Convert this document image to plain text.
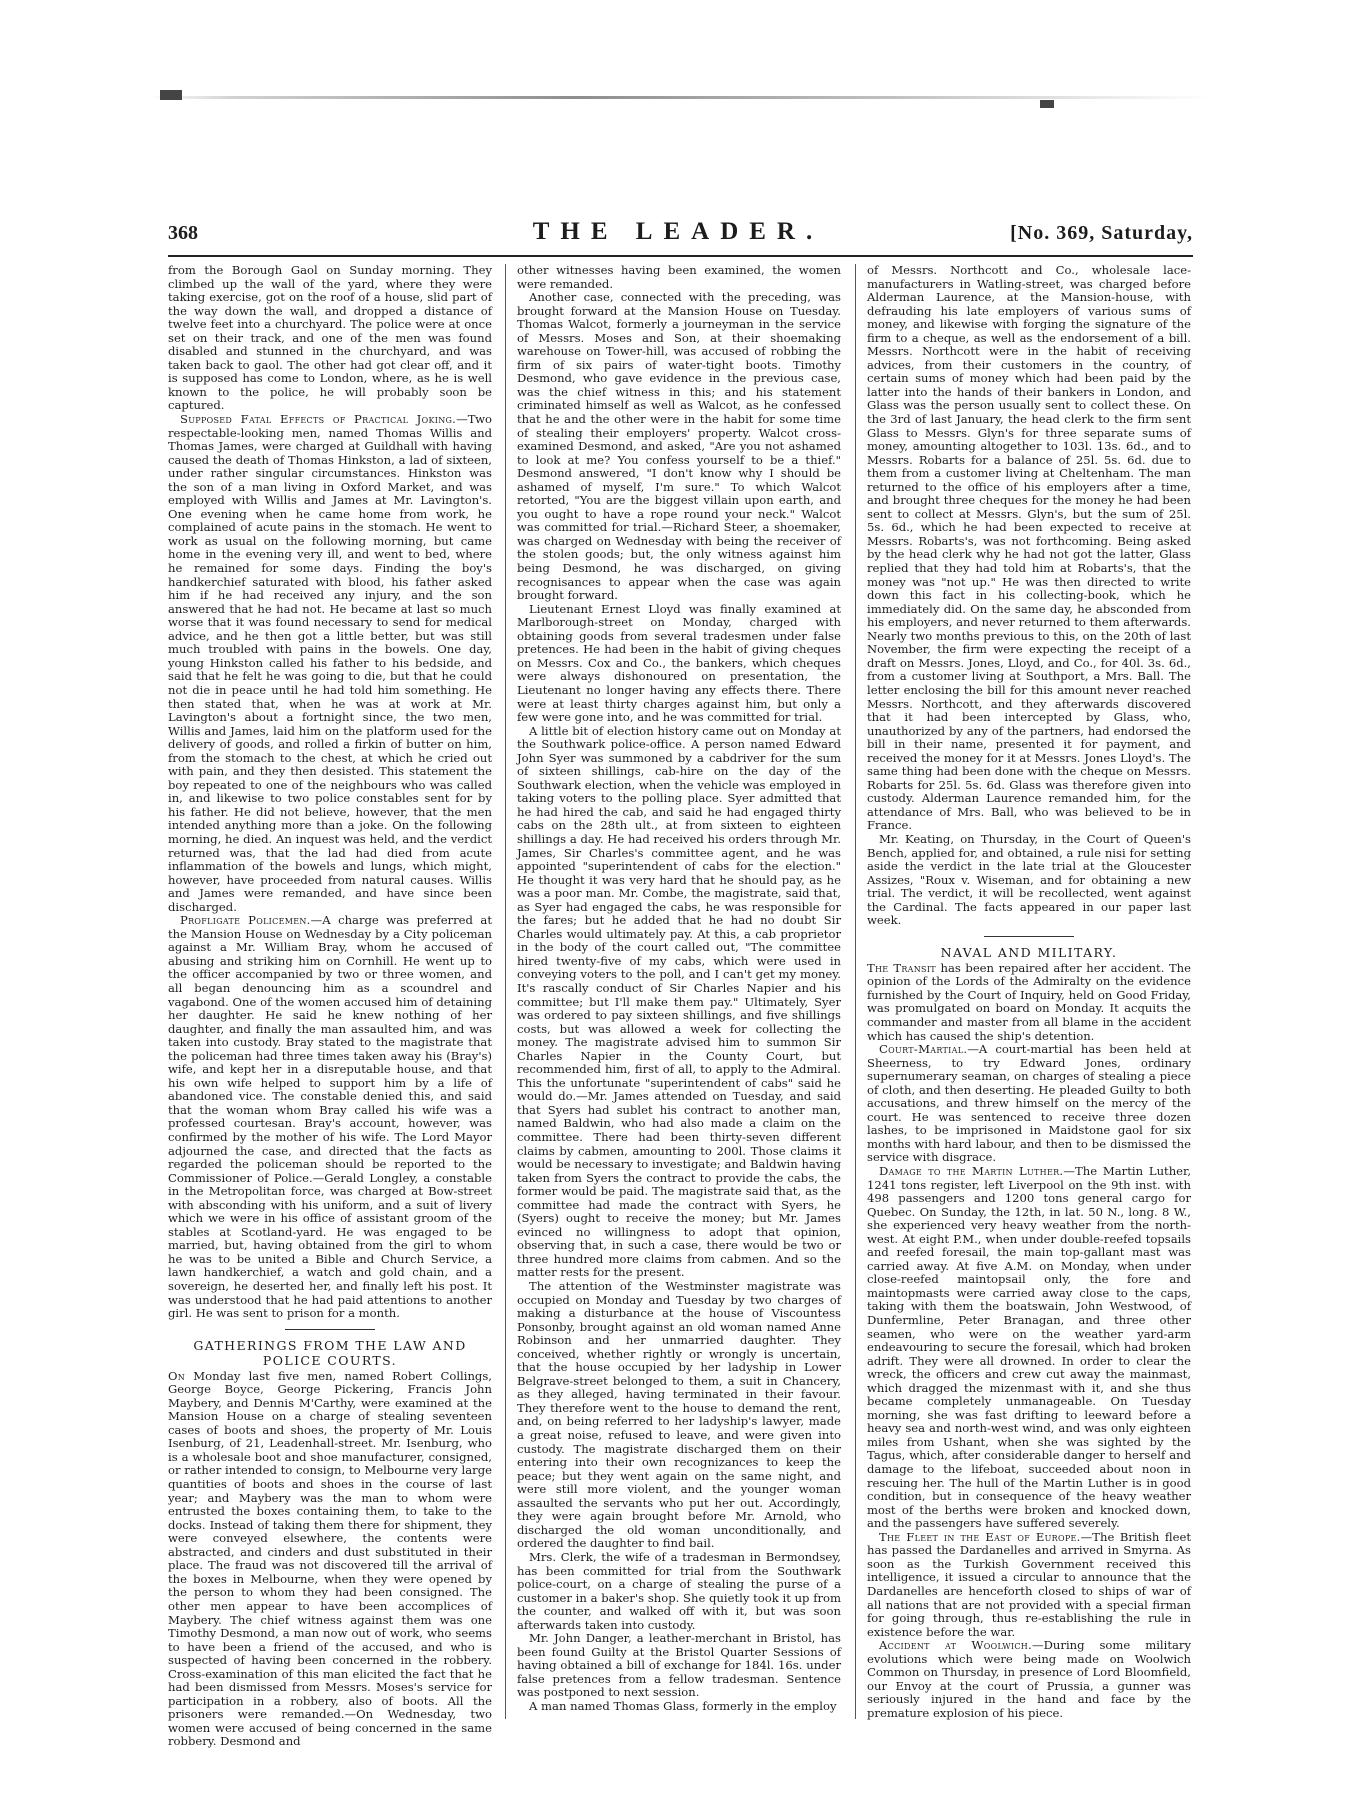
368	THE LEADER.	[No. 369, Saturday,

from the Borough Gaol on Sunday morning. They climbed up the wall of the yard, where they were taking exercise, got on the roof of a house, slid part of the way down the wall, and dropped a distance of twelve feet into a churchyard. The police were at once set on their track, and one of the men was found disabled and stunned in the churchyard, and was taken back to gaol. The other had got clear off, and it is supposed has come to London, where, as he is well known to the police, he will probably soon be captured.

Supposed Fatal Effects of Practical Joking.—Two respectable-looking men, named Thomas Willis and Thomas James, were charged at Guildhall with having caused the death of Thomas Hinkston, a lad of sixteen, under rather singular circumstances. Hinkston was the son of a man living in Oxford Market, and was employed with Willis and James at Mr. Lavington's. One evening when he came home from work, he complained of acute pains in the stomach. He went to work as usual on the following morning, but came home in the evening very ill, and went to bed, where he remained for some days. Finding the boy's handkerchief saturated with blood, his father asked him if he had received any injury, and the son answered that he had not. He became at last so much worse that it was found necessary to send for medical advice, and he then got a little better, but was still much troubled with pains in the bowels. One day, young Hinkston called his father to his bedside, and said that he felt he was going to die, but that he could not die in peace until he had told him something. He then stated that, when he was at work at Mr. Lavington's about a fortnight since, the two men, Willis and James, laid him on the platform used for the delivery of goods, and rolled a firkin of butter on him, from the stomach to the chest, at which he cried out with pain, and they then desisted. This statement the boy repeated to one of the neighbours who was called in, and likewise to two police constables sent for by his father. He did not believe, however, that the men intended anything more than a joke. On the following morning, he died. An inquest was held, and the verdict returned was, that the lad had died from acute inflammation of the bowels and lungs, which might, however, have proceeded from natural causes. Willis and James were remanded, and have since been discharged.

Profligate Policemen.—A charge was preferred at the Mansion House on Wednesday by a City policeman against a Mr. William Bray, whom he accused of abusing and striking him on Cornhill. He went up to the officer accompanied by two or three women, and all began denouncing him as a scoundrel and vagabond. One of the women accused him of detaining her daughter. He said he knew nothing of her daughter, and finally the man assaulted him, and was taken into custody. Bray stated to the magistrate that the policeman had three times taken away his (Bray's) wife, and kept her in a disreputable house, and that his own wife helped to support him by a life of abandoned vice. The constable denied this, and said that the woman whom Bray called his wife was a professed courtesan. Bray's account, however, was confirmed by the mother of his wife. The Lord Mayor adjourned the case, and directed that the facts as regarded the policeman should be reported to the Commissioner of Police.—Gerald Longley, a constable in the Metropolitan force, was charged at Bow-street with absconding with his uniform, and a suit of livery which we were in his office of assistant groom of the stables at Scotland-yard. He was engaged to be married, but, having obtained from the girl to whom he was to be united a Bible and Church Service, a lawn handkerchief, a watch and gold chain, and a sovereign, he deserted her, and finally left his post. It was understood that he had paid attentions to another girl. He was sent to prison for a month.

GATHERINGS FROM THE LAW AND POLICE COURTS.

On Monday last five men, named Robert Collings, George Boyce, George Pickering, Francis John Maybery, and Dennis M'Carthy, were examined at the Mansion House on a charge of stealing seventeen cases of boots and shoes, the property of Mr. Louis Isenburg, of 21, Leadenhall-street. Mr. Isenburg, who is a wholesale boot and shoe manufacturer, consigned, or rather intended to consign, to Melbourne very large quantities of boots and shoes in the course of last year; and Maybery was the man to whom were entrusted the boxes containing them, to take to the docks. Instead of taking them there for shipment, they were conveyed elsewhere, the contents were abstracted, and cinders and dust substituted in their place. The fraud was not discovered till the arrival of the boxes in Melbourne, when they were opened by the person to whom they had been consigned. The other men appear to have been accomplices of Maybery. The chief witness against them was one Timothy Desmond, a man now out of work, who seems to have been a friend of the accused, and who is suspected of having been concerned in the robbery. Cross-examination of this man elicited the fact that he had been dismissed from Messrs. Moses's service for participation in a robbery, also of boots. All the prisoners were remanded.—On Wednesday, two women were accused of being concerned in the same robbery. Desmond and

other witnesses having been examined, the women were remanded.

Another case, connected with the preceding, was brought forward at the Mansion House on Tuesday. Thomas Walcot, formerly a journeyman in the service of Messrs. Moses and Son, at their shoemaking warehouse on Tower-hill, was accused of robbing the firm of six pairs of water-tight boots. Timothy Desmond, who gave evidence in the previous case, was the chief witness in this; and his statement criminated himself as well as Walcot, as he confessed that he and the other were in the habit for some time of stealing their employers' property. Walcot cross-examined Desmond, and asked, "Are you not ashamed to look at me? You confess yourself to be a thief." Desmond answered, "I don't know why I should be ashamed of myself, I'm sure." To which Walcot retorted, "You are the biggest villain upon earth, and you ought to have a rope round your neck." Walcot was committed for trial.—Richard Steer, a shoemaker, was charged on Wednesday with being the receiver of the stolen goods; but, the only witness against him being Desmond, he was discharged, on giving recognisances to appear when the case was again brought forward.

Lieutenant Ernest Lloyd was finally examined at Marlborough-street on Monday, charged with obtaining goods from several tradesmen under false pretences. He had been in the habit of giving cheques on Messrs. Cox and Co., the bankers, which cheques were always dishonoured on presentation, the Lieutenant no longer having any effects there. There were at least thirty charges against him, but only a few were gone into, and he was committed for trial.

A little bit of election history came out on Monday at the Southwark police-office. A person named Edward John Syer was summoned by a cabdriver for the sum of sixteen shillings, cab-hire on the day of the Southwark election, when the vehicle was employed in taking voters to the polling place. Syer admitted that he had hired the cab, and said he had engaged thirty cabs on the 28th ult., at from sixteen to eighteen shillings a day. He had received his orders through Mr. James, Sir Charles's committee agent, and he was appointed "superintendent of cabs for the election." He thought it was very hard that he should pay, as he was a poor man. Mr. Combe, the magistrate, said that, as Syer had engaged the cabs, he was responsible for the fares; but he added that he had no doubt Sir Charles would ultimately pay. At this, a cab proprietor in the body of the court called out, "The committee hired twenty-five of my cabs, which were used in conveying voters to the poll, and I can't get my money. It's rascally conduct of Sir Charles Napier and his committee; but I'll make them pay." Ultimately, Syer was ordered to pay sixteen shillings, and five shillings costs, but was allowed a week for collecting the money. The magistrate advised him to summon Sir Charles Napier in the County Court, but recommended him, first of all, to apply to the Admiral. This the unfortunate "superintendent of cabs" said he would do.—Mr. James attended on Tuesday, and said that Syers had sublet his contract to another man, named Baldwin, who had also made a claim on the committee. There had been thirty-seven different claims by cabmen, amounting to 200l. Those claims it would be necessary to investigate; and Baldwin having taken from Syers the contract to provide the cabs, the former would be paid. The magistrate said that, as the committee had made the contract with Syers, he (Syers) ought to receive the money; but Mr. James evinced no willingness to adopt that opinion, observing that, in such a case, there would be two or three hundred more claims from cabmen. And so the matter rests for the present.

The attention of the Westminster magistrate was occupied on Monday and Tuesday by two charges of making a disturbance at the house of Viscountess Ponsonby, brought against an old woman named Anne Robinson and her unmarried daughter. They conceived, whether rightly or wrongly is uncertain, that the house occupied by her ladyship in Lower Belgrave-street belonged to them, a suit in Chancery, as they alleged, having terminated in their favour. They therefore went to the house to demand the rent, and, on being referred to her ladyship's lawyer, made a great noise, refused to leave, and were given into custody. The magistrate discharged them on their entering into their own recognizances to keep the peace; but they went again on the same night, and were still more violent, and the younger woman assaulted the servants who put her out. Accordingly, they were again brought before Mr. Arnold, who discharged the old woman unconditionally, and ordered the daughter to find bail.

Mrs. Clerk, the wife of a tradesman in Bermondsey, has been committed for trial from the Southwark police-court, on a charge of stealing the purse of a customer in a baker's shop. She quietly took it up from the counter, and walked off with it, but was soon afterwards taken into custody.

Mr. John Danger, a leather-merchant in Bristol, has been found Guilty at the Bristol Quarter Sessions of having obtained a bill of exchange for 184l. 16s. under false pretences from a fellow tradesman. Sentence was postponed to next session.

A man named Thomas Glass, formerly in the employ

of Messrs. Northcott and Co., wholesale lace-manufacturers in Watling-street, was charged before Alderman Laurence, at the Mansion-house, with defrauding his late employers of various sums of money, and likewise with forging the signature of the firm to a cheque, as well as the endorsement of a bill. Messrs. Northcott were in the habit of receiving advices, from their customers in the country, of certain sums of money which had been paid by the latter into the hands of their bankers in London, and Glass was the person usually sent to collect these. On the 3rd of last January, the head clerk to the firm sent Glass to Messrs. Glyn's for three separate sums of money, amounting altogether to 103l. 13s. 6d., and to Messrs. Robarts for a balance of 25l. 5s. 6d. due to them from a customer living at Cheltenham. The man returned to the office of his employers after a time, and brought three cheques for the money he had been sent to collect at Messrs. Glyn's, but the sum of 25l. 5s. 6d., which he had been expected to receive at Messrs. Robarts's, was not forthcoming. Being asked by the head clerk why he had not got the latter, Glass replied that they had told him at Robarts's, that the money was "not up." He was then directed to write down this fact in his collecting-book, which he immediately did. On the same day, he absconded from his employers, and never returned to them afterwards. Nearly two months previous to this, on the 20th of last November, the firm were expecting the receipt of a draft on Messrs. Jones, Lloyd, and Co., for 40l. 3s. 6d., from a customer living at Southport, a Mrs. Ball. The letter enclosing the bill for this amount never reached Messrs. Northcott, and they afterwards discovered that it had been intercepted by Glass, who, unauthorized by any of the partners, had endorsed the bill in their name, presented it for payment, and received the money for it at Messrs. Jones Lloyd's. The same thing had been done with the cheque on Messrs. Robarts for 25l. 5s. 6d. Glass was therefore given into custody. Alderman Laurence remanded him, for the attendance of Mrs. Ball, who was believed to be in France.

Mr. Keating, on Thursday, in the Court of Queen's Bench, applied for, and obtained, a rule nisi for setting aside the verdict in the late trial at the Gloucester Assizes, "Roux v. Wiseman, and for obtaining a new trial. The verdict, it will be recollected, went against the Cardinal. The facts appeared in our paper last week.

NAVAL AND MILITARY.

The Transit has been repaired after her accident. The opinion of the Lords of the Admiralty on the evidence furnished by the Court of Inquiry, held on Good Friday, was promulgated on board on Monday. It acquits the commander and master from all blame in the accident which has caused the ship's detention.

Court-Martial.—A court-martial has been held at Sheerness, to try Edward Jones, ordinary supernumerary seaman, on charges of stealing a piece of cloth, and then deserting. He pleaded Guilty to both accusations, and threw himself on the mercy of the court. He was sentenced to receive three dozen lashes, to be imprisoned in Maidstone gaol for six months with hard labour, and then to be dismissed the service with disgrace.

Damage to the Martin Luther.—The Martin Luther, 1241 tons register, left Liverpool on the 9th inst. with 498 passengers and 1200 tons general cargo for Quebec. On Sunday, the 12th, in lat. 50 N., long. 8 W., she experienced very heavy weather from the north-west. At eight P.M., when under double-reefed topsails and reefed foresail, the main top-gallant mast was carried away. At five A.M. on Monday, when under close-reefed maintopsail only, the fore and maintopmasts were carried away close to the caps, taking with them the boatswain, John Westwood, of Dunfermline, Peter Branagan, and three other seamen, who were on the weather yard-arm endeavouring to secure the foresail, which had broken adrift. They were all drowned. In order to clear the wreck, the officers and crew cut away the mainmast, which dragged the mizenmast with it, and she thus became completely unmanageable. On Tuesday morning, she was fast drifting to leeward before a heavy sea and north-west wind, and was only eighteen miles from Ushant, when she was sighted by the Tagus, which, after considerable danger to herself and damage to the lifeboat, succeeded about noon in rescuing her. The hull of the Martin Luther is in good condition, but in consequence of the heavy weather most of the berths were broken and knocked down, and the passengers have suffered severely.

The Fleet in the East of Europe.—The British fleet has passed the Dardanelles and arrived in Smyrna. As soon as the Turkish Government received this intelligence, it issued a circular to announce that the Dardanelles are henceforth closed to ships of war of all nations that are not provided with a special firman for going through, thus re-establishing the rule in existence before the war.

Accident at Woolwich.—During some military evolutions which were being made on Woolwich Common on Thursday, in presence of Lord Bloomfield, our Envoy at the court of Prussia, a gunner was seriously injured in the hand and face by the premature explosion of his piece.
